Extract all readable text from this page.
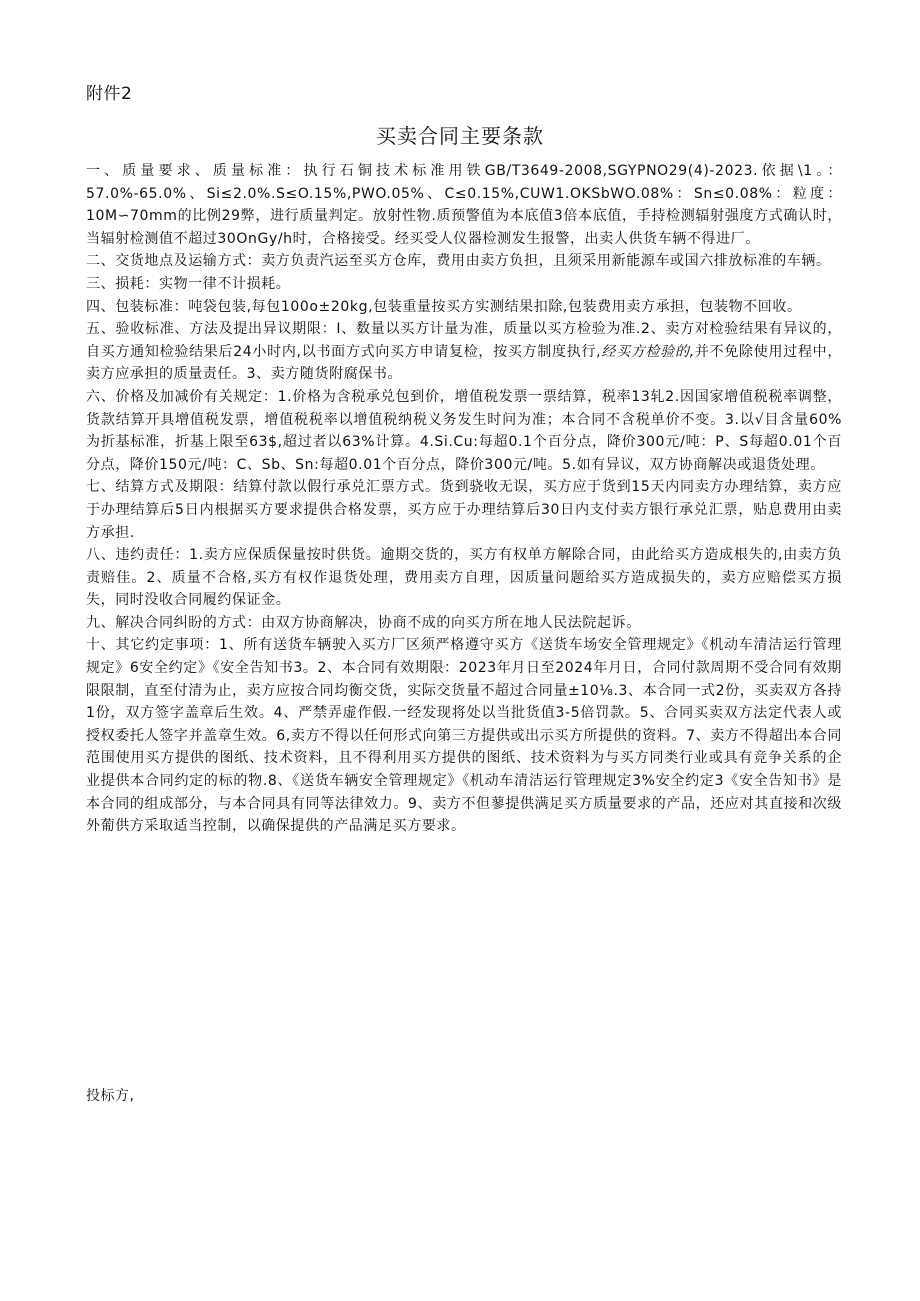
附件2
买卖合同主要条款

一、质量要求、质量标准：执行石铜技术标准用铁GB/T3649-2008,SGYPNO29(4)-2023.依据\1。：57.0%-65.0%、Si≤2.0%.S≤O.15%,PWO.05%、C≤0.15%,CUW1.OKSbWO.08%：Sn≤0.08%：粒度：10M∽70mm的比例29弊，进行质量判定。放射性物.质预警值为本底值3倍本底值，手持检测辐射强度方式确认时，当辐射检测值不超过30OnGy/h时，合格接受。经买受人仪器检测发生报警，出卖人供货车辆不得进厂。

二、交货地点及运输方式：卖方负责汽运至买方仓库，费用由卖方负担，且须采用新能源车或国六排放标准的车辆。

三、损耗：实物一律不计损耗。

四、包装标准：吨袋包装,每包100o±20kg,包装重量按买方实测结果扣除,包装费用卖方承担，包装物不回收。

五、验收标准、方法及提出异议期限：I、数量以买方计量为准，质量以买方检验为准.2、卖方对检验结果有异议的，自买方通知检验结果后24小时内,以书面方式向买方申请复检，按买方制度执行,经买方检验的,并不免除使用过程中，卖方应承担的质量责任。3、卖方随货附腐保书。

六、价格及加减价有关规定：1.价格为含税承兑包到价，增值税发票一票结算，税率13轧2.因国家增值税税率调整，货款结算开具增值税发票，增值税税率以增值税纳税义务发生时问为准；本合同不含税单价不变。3.以√目含量60%为折基标准，折基上限至63$,超过者以63%计算。4.Si.Cu:每超0.1个百分点，降价300元/吨：P、S每超0.01个百分点，降价150元/吨：C、Sb、Sn:每超0.01个百分点，降价300元/吨。5.如有异议，双方协商解决或退货处理。

七、结算方式及期限：结算付款以假行承兑汇票方式。货到骁收无误，买方应于货到15天内同卖方办理结算，卖方应于办理结算后5日内根据买方要求提供合格发票，买方应于办理结算后30日内支付卖方银行承兑汇票，贴息费用由卖方承担.

八、违约责任：1.卖方应保质保量按时供货。逾期交货的，买方有权单方解除合同，由此给买方造成根失的,由卖方负责赔佳。2、质量不合格,买方有权作退货处理，费用卖方自理，因质量问题给买方造成损失的，卖方应赔偿买方损失，同时没收合同履约保证金。

九、解决合同纠盼的方式：由双方协商解决，协商不成的向买方所在地人民法院起诉。

十、其它约定事项：1、所有送货车辆驶入买方厂区须严格遵守买方《送货车场安全管理规定》《机动车清洁运行管理规定》6安全约定》《安全告知书3。2、本合同有效期限：2023年月日至2024年月日，合同付款周期不受合同有效期限限制，直至付清为止，卖方应按合同均衡交货，实际交货量不超过合同量±10⅛.3、本合同一式2份，买卖双方各持1份，双方签字盖章后生效。4、严禁弄虚作假.一经发现将处以当批货值3-5倍罚款。5、合同买卖双方法定代表人或授权委托人签字并盖章生效。6,卖方不得以任何形式向第三方提供或出示买方所提供的资料。7、卖方不得超出本合同范围使用买方提供的图纸、技术资料，且不得利用买方提供的图纸、技术资料为与买方同类行业或具有竞争关系的企业提供本合同约定的标的物.8、《送货车辆安全管理规定》《机动车清洁运行管理规定3%安全约定3《安全告知书》是本合同的组成部分，与本合同具有同等法律效力。9、卖方不但蓼提供满足买方质量要求的产品，还应对其直接和次级外葡供方采取适当控制，以确保提供的产品满足买方要求。

投标方,
